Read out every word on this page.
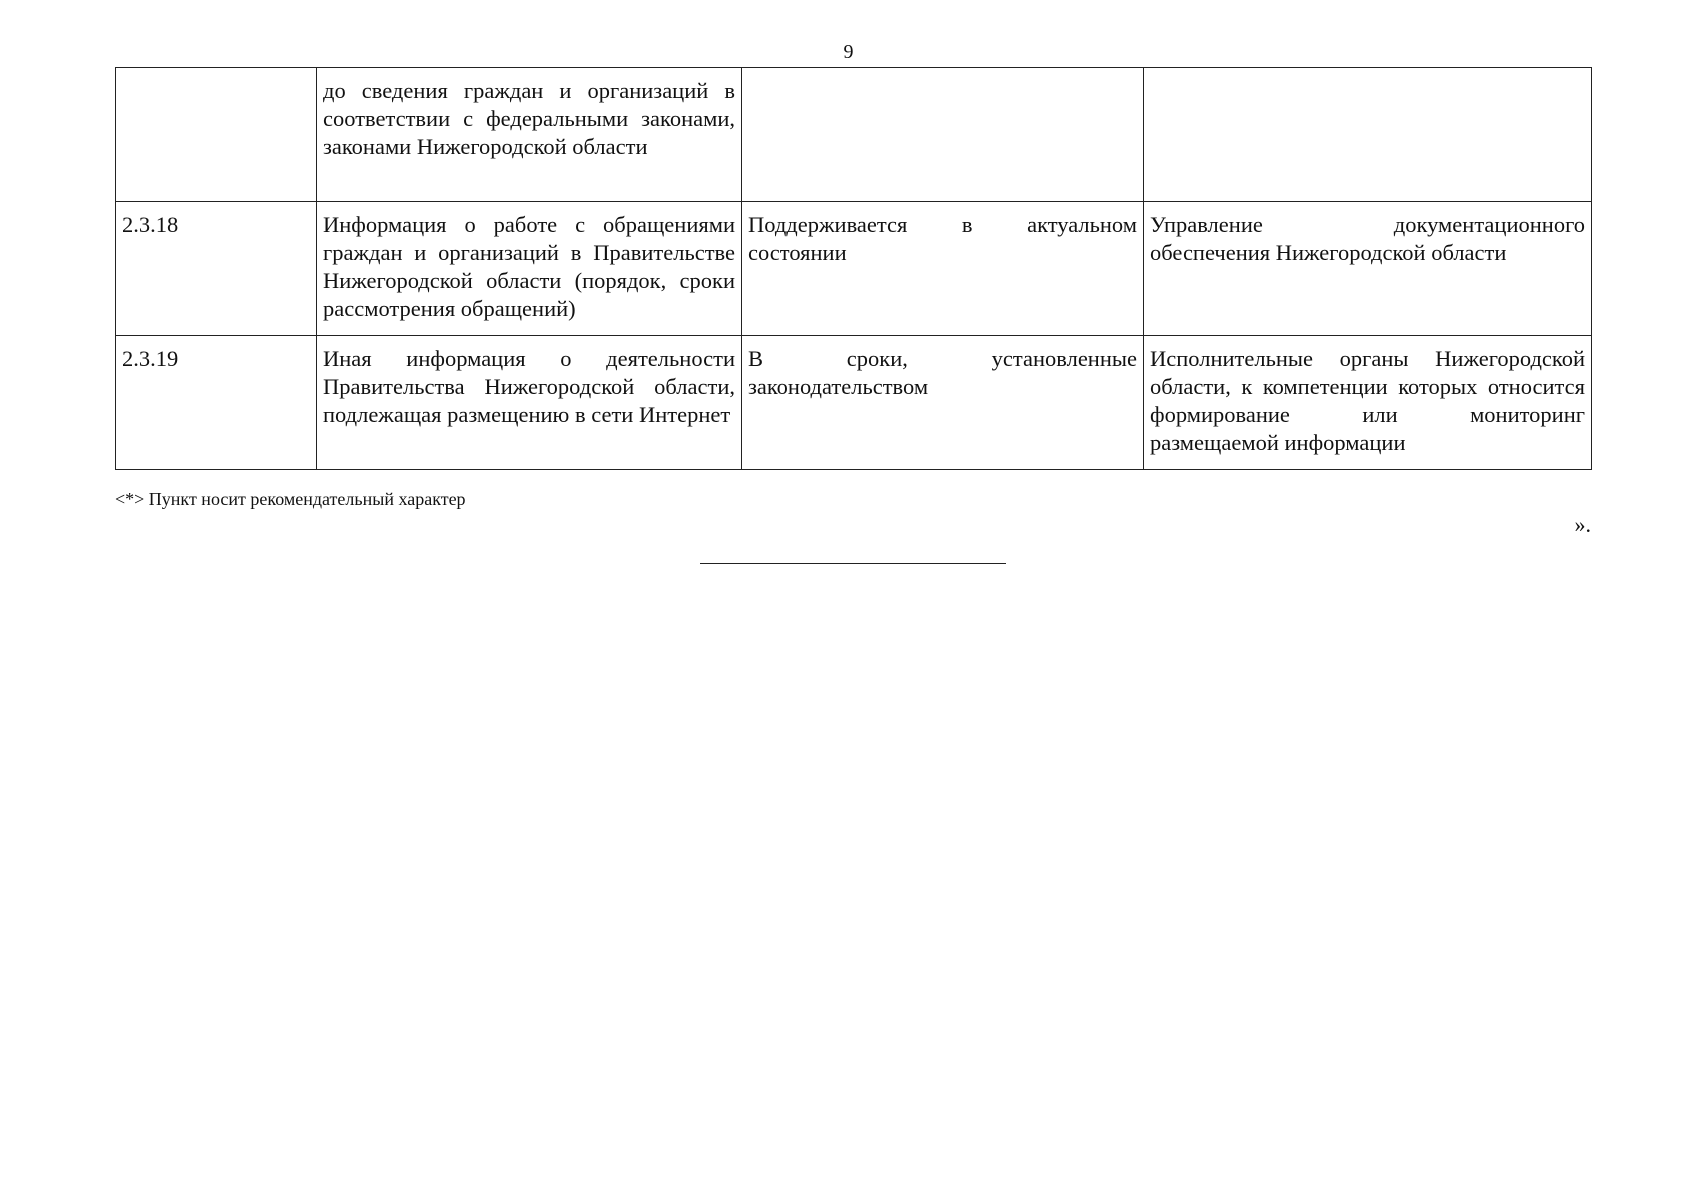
9
	до сведения граждан и организаций в соответствии с федеральными законами, законами Нижегородской области		
2.3.18	Информация о работе с обращениями граждан и организаций в Правительстве Нижегородской области (порядок, сроки рассмотрения обращений)	Поддерживается в актуальном состоянии	Управление документационного обеспечения Нижегородской области
2.3.19	Иная информация о деятельности Правительства Нижегородской области, подлежащая размещению в сети Интернет	В сроки, установленные законодательством	Исполнительные органы Нижегородской области, к компетенции которых относится формирование или мониторинг размещаемой информации
<*> Пункт носит рекомендательный характер
».
